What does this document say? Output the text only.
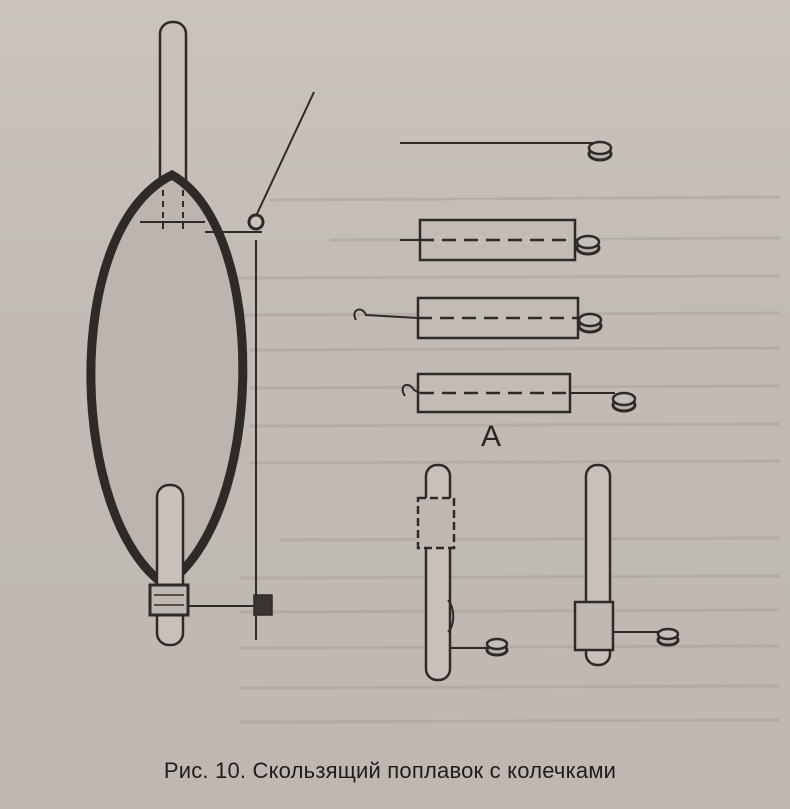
А
Рис. 10. Скользящий поплавок с колечками
